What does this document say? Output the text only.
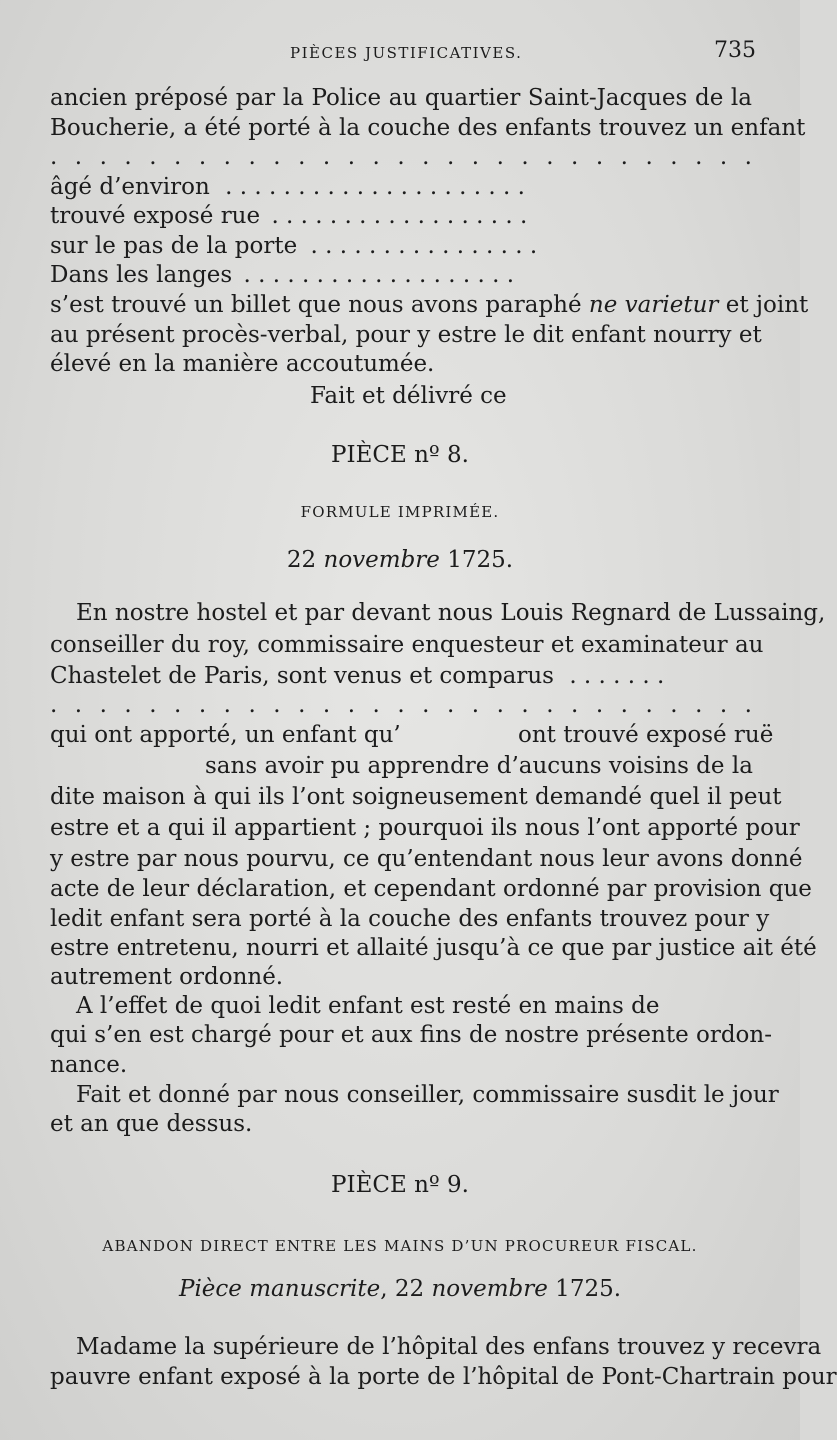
PIÈCES JUSTIFICATIVES.	735
ancien préposé par la Police au quartier Saint-Jacques de la
Boucherie, a été porté à la couche des enfants trouvez un enfant
. . . . . . . . . . . . . . . . . . . . . . . . . . . . .
âgé d’environ . . . . . . . . . . . . . . . . . . . . .
trouvé exposé rue . . . . . . . . . . . . . . . . . .
sur le pas de la porte . . . . . . . . . . . . . . . .
Dans les langes . . . . . . . . . . . . . . . . . . .
s’est trouvé un billet que nous avons paraphé ne varietur et joint
au présent procès-verbal, pour y estre le dit enfant nourry et
élevé en la manière accoutumée.
Fait et délivré ce
PIÈCE nº 8.
FORMULE IMPRIMÉE.
22 novembre 1725.
En nostre hostel et par devant nous Louis Regnard de Lussaing,
conseiller du roy, commissaire enquesteur et examinateur au
Chastelet de Paris, sont venus et comparus . . . . . . .
. . . . . . . . . . . . . . . . . . . . . . . . . . . . .
qui ont apporté, un enfant qu’	ont trouvé exposé ruë
sans avoir pu apprendre d’aucuns voisins de la
dite maison à qui ils l’ont soigneusement demandé quel il peut
estre et a qui il appartient ; pourquoi ils nous l’ont apporté pour
y estre par nous pourvu, ce qu’entendant nous leur avons donné
acte de leur déclaration, et cependant ordonné par provision que
ledit enfant sera porté à la couche des enfants trouvez pour y
estre entretenu, nourri et allaité jusqu’à ce que par justice ait été
autrement ordonné.
A l’effet de quoi ledit enfant est resté en mains de
qui s’en est chargé pour et aux fins de nostre présente ordon-
nance.
Fait et donné par nous conseiller, commissaire susdit le jour
et an que dessus.
PIÈCE nº 9.
ABANDON DIRECT ENTRE LES MAINS D’UN PROCUREUR FISCAL.
Pièce manuscrite, 22 novembre 1725.
Madame la supérieure de l’hôpital des enfans trouvez y recevra
pauvre enfant exposé à la porte de l’hôpital de Pont-Chartrain pour
